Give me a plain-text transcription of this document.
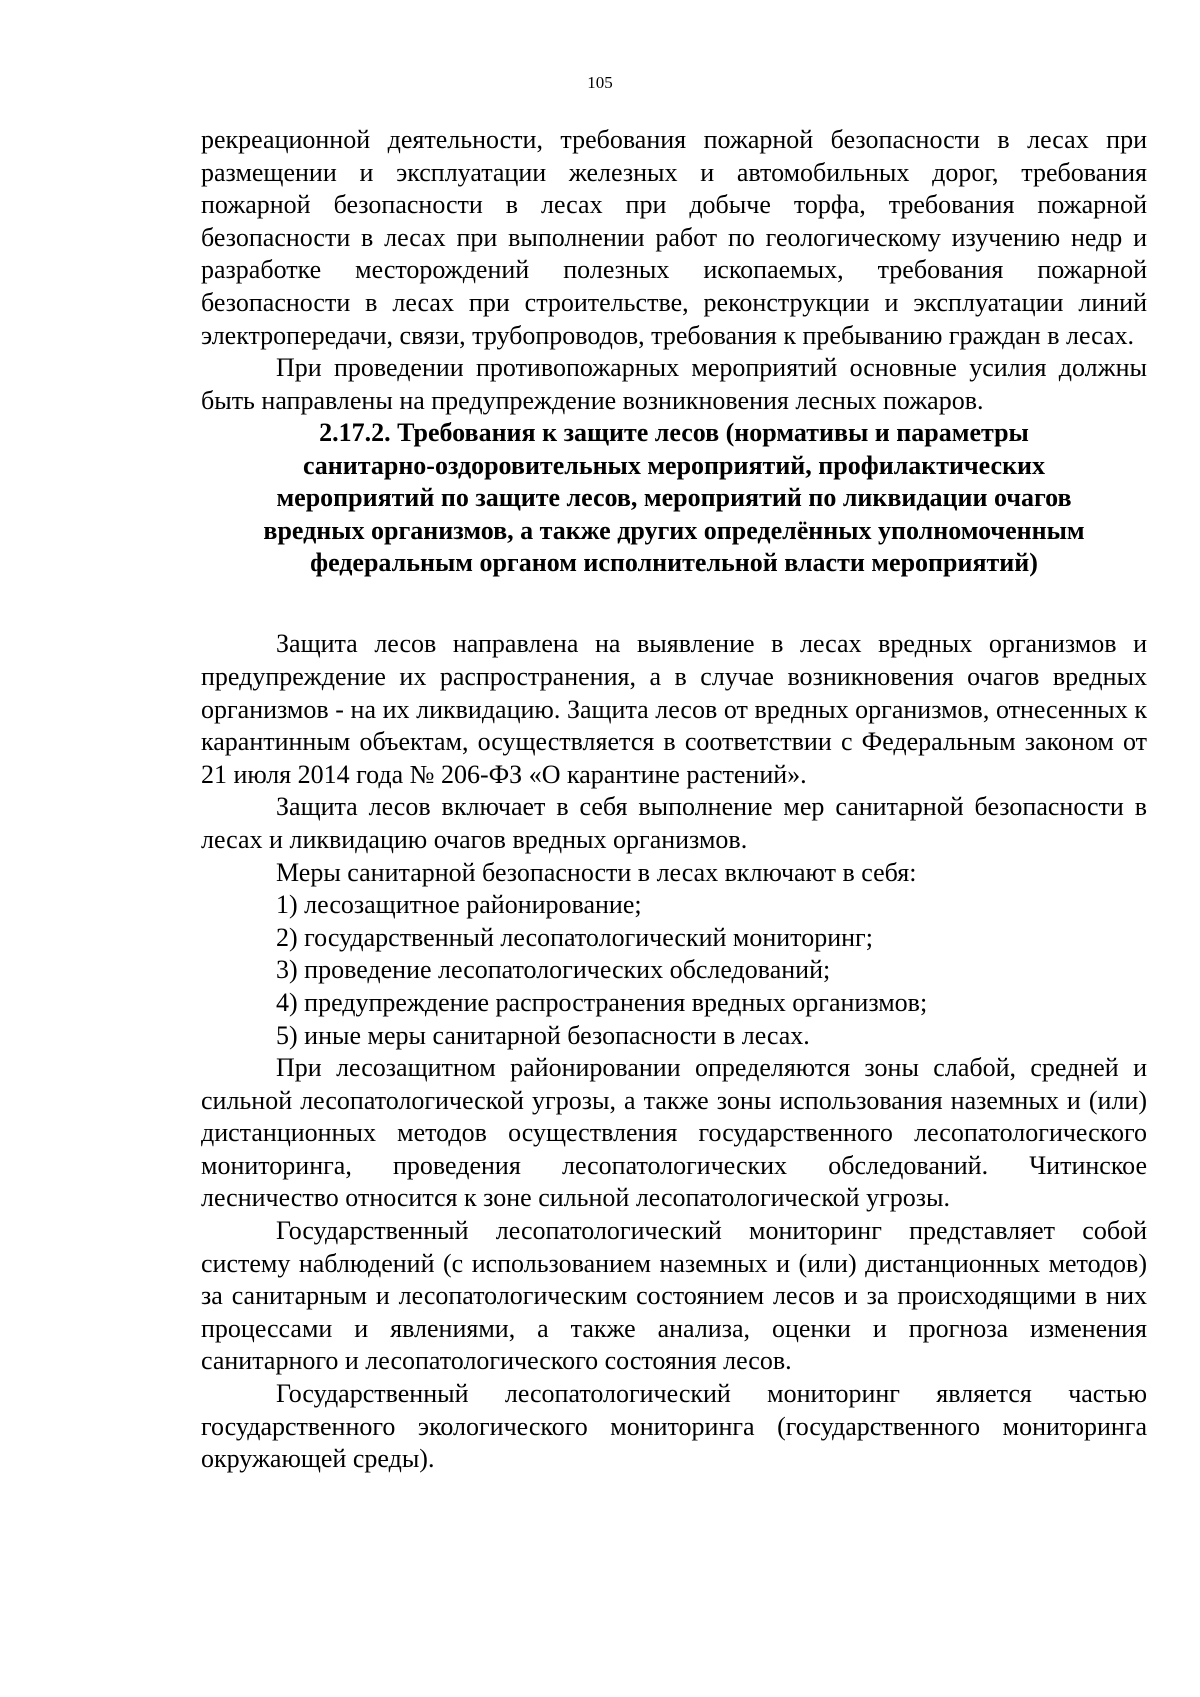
105

рекреационной деятельности, требования пожарной безопасности в лесах при размещении и эксплуатации железных и автомобильных дорог, требования пожарной безопасности в лесах при добыче торфа, требования пожарной безопасности в лесах при выполнении работ по геологическому изучению недр и разработке месторождений полезных ископаемых, требования пожарной безопасности в лесах при строительстве, реконструкции и эксплуатации линий электропередачи, связи, трубопроводов, требования к пребыванию граждан в лесах.

При проведении противопожарных мероприятий основные усилия должны быть направлены на предупреждение возникновения лесных пожаров.

2.17.2. Требования к защите лесов (нормативы и параметры
санитарно-оздоровительных мероприятий, профилактических
мероприятий по защите лесов, мероприятий по ликвидации очагов
вредных организмов, а также других определённых уполномоченным
федеральным органом исполнительной власти мероприятий)

Защита лесов направлена на выявление в лесах вредных организмов и предупреждение их распространения, а в случае возникновения очагов вредных организмов - на их ликвидацию. Защита лесов от вредных организмов, отнесенных к карантинным объектам, осуществляется в соответствии с Федеральным законом от 21 июля 2014 года № 206-ФЗ «О карантине растений».

Защита лесов включает в себя выполнение мер санитарной безопасности в лесах и ликвидацию очагов вредных организмов.

Меры санитарной безопасности в лесах включают в себя:

1) лесозащитное районирование;

2) государственный лесопатологический мониторинг;

3) проведение лесопатологических обследований;

4) предупреждение распространения вредных организмов;

5) иные меры санитарной безопасности в лесах.

При лесозащитном районировании определяются зоны слабой, средней и сильной лесопатологической угрозы, а также зоны использования наземных и (или) дистанционных методов осуществления государственного лесопатологического мониторинга, проведения лесопатологических обследований. Читинское лесничество относится к зоне сильной лесопатологической угрозы.

Государственный лесопатологический мониторинг представляет собой систему наблюдений (с использованием наземных и (или) дистанционных методов) за санитарным и лесопатологическим состоянием лесов и за происходящими в них процессами и явлениями, а также анализа, оценки и прогноза изменения санитарного и лесопатологического состояния лесов.

Государственный лесопатологический мониторинг является частью государственного экологического мониторинга (государственного мониторинга окружающей среды).
